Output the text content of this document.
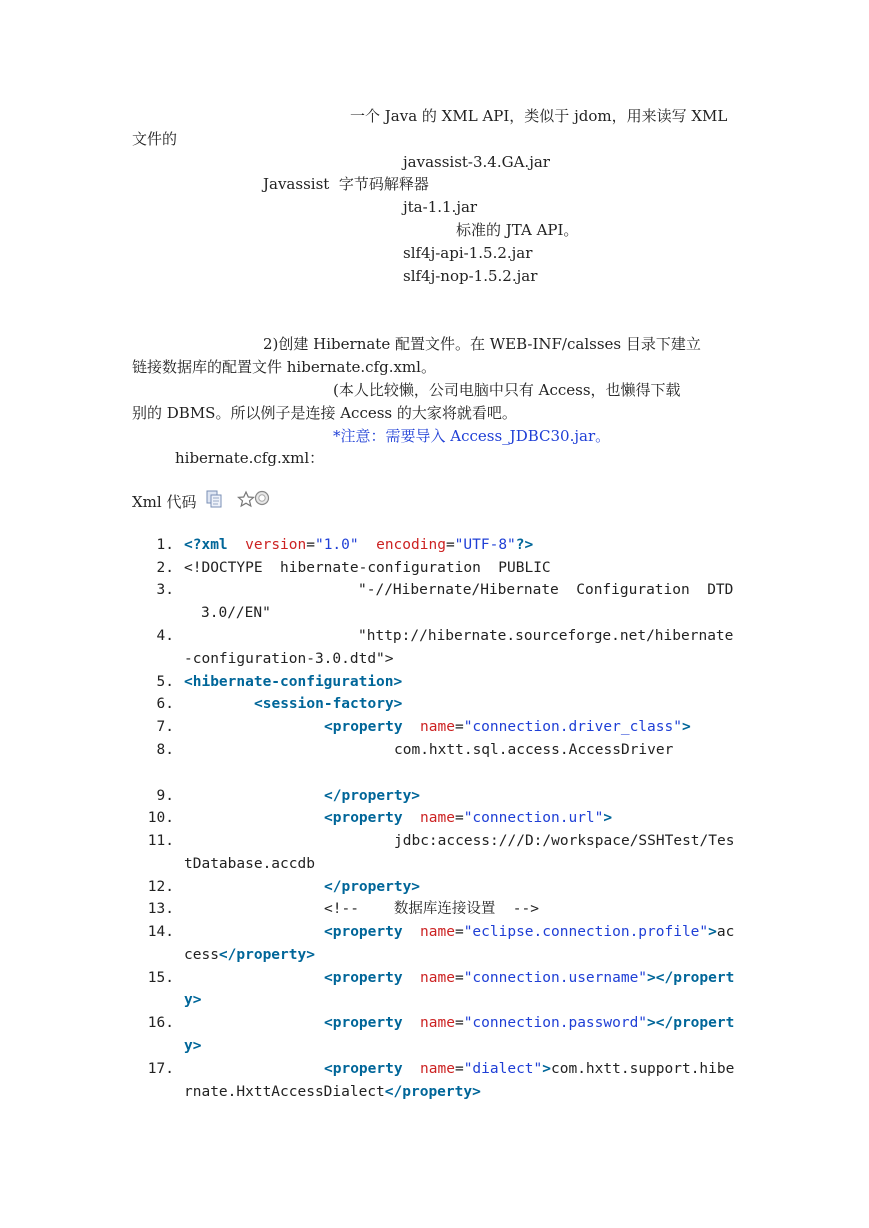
一个 Java 的 XML API，类似于 jdom，用来读写 XML
文件的
javassist-3.4.GA.jar
Javassist  字节码解释器
jta-1.1.jar
标准的 JTA API。
slf4j-api-1.5.2.jar
slf4j-nop-1.5.2.jar
2)创建 Hibernate 配置文件。在 WEB-INF/calsses 目录下建立
链接数据库的配置文件 hibernate.cfg.xml。
(本人比较懒，公司电脑中只有 Access，也懒得下载
别的 DBMS。所以例子是连接 Access 的大家将就看吧。
*注意：需要导入 Access_JDBC30.jar。
hibernate.cfg.xml：
Xml 代码
1. <?xml version="1.0" encoding="UTF-8"?>
2. <!DOCTYPE  hibernate-configuration  PUBLIC
3.	"-//Hibernate/Hibernate  Configuration  DTD
3.0//EN"
4.	"http://hibernate.sourceforge.net/hibernate
-configuration-3.0.dtd">
5. <hibernate-configuration>
6.	<session-factory>
7.	<property name="connection.driver_class">
8.	com.hxtt.sql.access.AccessDriver
9.	</property>
10.	<property name="connection.url">
11.	jdbc:access:///D:/workspace/SSHTest/Tes
tDatabase.accdb
12.	</property>
13.	<!--    数据库连接设置  -->
14.	<property name="eclipse.connection.profile">ac
cess</property>
15.	<property name="connection.username"></propert
y>
16.	<property name="connection.password"></propert
y>
17.	<property name="dialect">com.hxtt.support.hibe
rnate.HxttAccessDialect</property>
